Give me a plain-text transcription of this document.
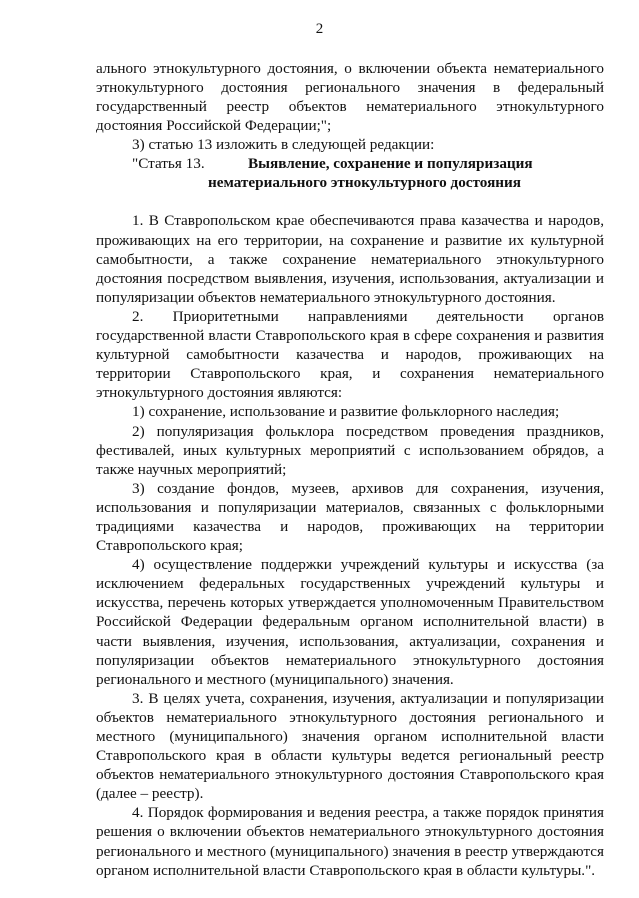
2

ального этнокультурного достояния, о включении объекта нематериального этнокультурного достояния регионального значения в федеральный государственный реестр объектов нематериального этнокультурного достояния Российской Федерации;";

3) статью 13 изложить в следующей редакции:

"Статья 13.	Выявление, сохранение и популяризация
нематериального этнокультурного достояния

1. В Ставропольском крае обеспечиваются права казачества и народов, проживающих на его территории, на сохранение и развитие их культурной самобытности, а также сохранение нематериального этнокультурного достояния посредством выявления, изучения, использования, актуализации и популяризации объектов нематериального этнокультурного достояния.

2. Приоритетными направлениями деятельности органов государственной власти Ставропольского края в сфере сохранения и развития культурной самобытности казачества и народов, проживающих на территории Ставропольского края, и сохранения нематериального этнокультурного достояния являются:

1) сохранение, использование и развитие фольклорного наследия;

2) популяризация фольклора посредством проведения праздников, фестивалей, иных культурных мероприятий с использованием обрядов, а также научных мероприятий;

3) создание фондов, музеев, архивов для сохранения, изучения, использования и популяризации материалов, связанных с фольклорными традициями казачества и народов, проживающих на территории Ставропольского края;

4) осуществление поддержки учреждений культуры и искусства (за исключением федеральных государственных учреждений культуры и искусства, перечень которых утверждается уполномоченным Правительством Российской Федерации федеральным органом исполнительной власти) в части выявления, изучения, использования, актуализации, сохранения и популяризации объектов нематериального этнокультурного достояния регионального и местного (муниципального) значения.

3. В целях учета, сохранения, изучения, актуализации и популяризации объектов нематериального этнокультурного достояния регионального и местного (муниципального) значения органом исполнительной власти Ставропольского края в области культуры ведется региональный реестр объектов нематериального этнокультурного достояния Ставропольского края (далее – реестр).

4. Порядок формирования и ведения реестра, а также порядок принятия решения о включении объектов нематериального этнокультурного достояния регионального и местного (муниципального) значения в реестр утверждаются органом исполнительной власти Ставропольского края в области культуры.".
